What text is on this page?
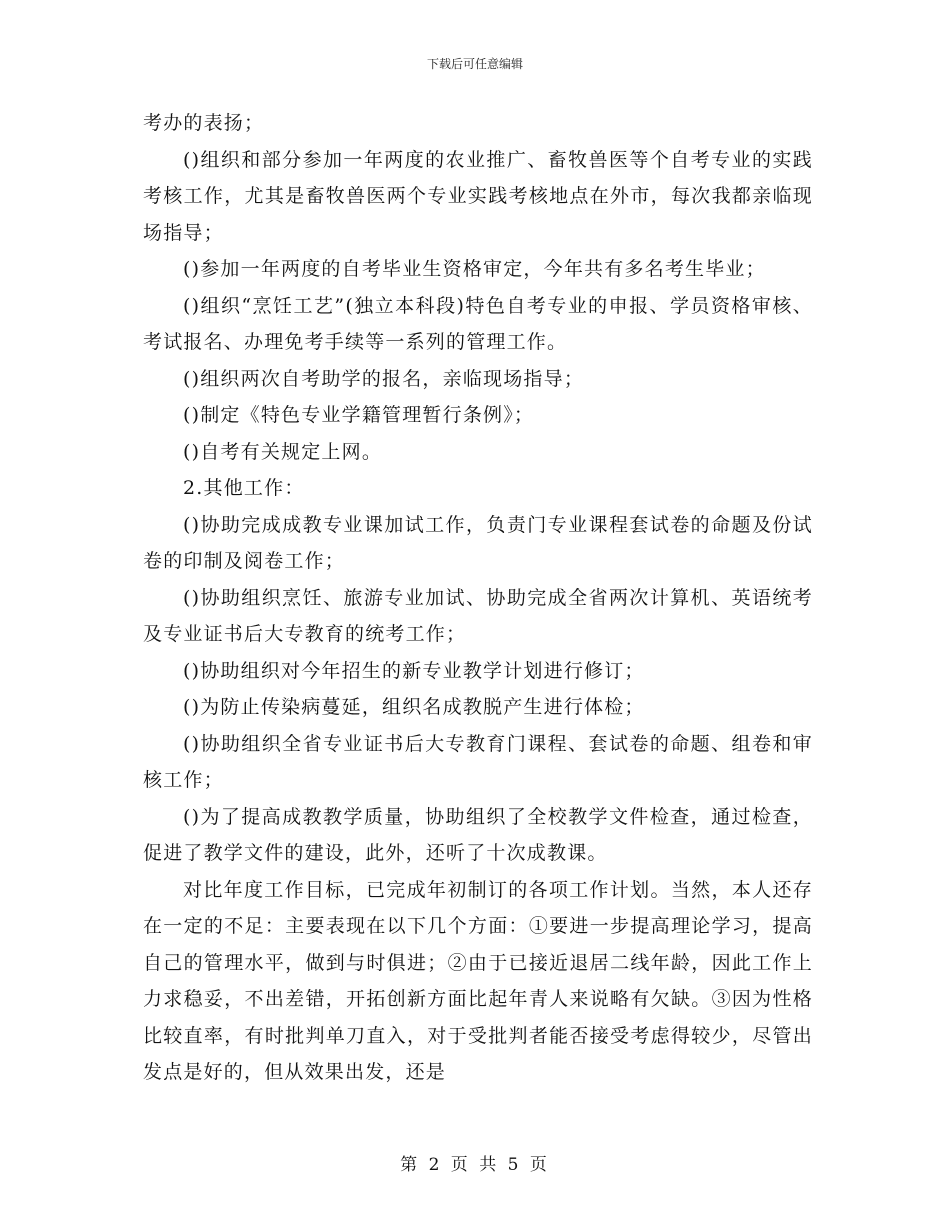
下载后可任意编辑

考办的表扬；

()组织和部分参加一年两度的农业推广、畜牧兽医等个自考专业的实践考核工作，尤其是畜牧兽医两个专业实践考核地点在外市，每次我都亲临现场指导；

()参加一年两度的自考毕业生资格审定，今年共有多名考生毕业；

()组织“烹饪工艺”(独立本科段)特色自考专业的申报、学员资格审核、考试报名、办理免考手续等一系列的管理工作。

()组织两次自考助学的报名，亲临现场指导；

()制定《特色专业学籍管理暂行条例》；

()自考有关规定上网。

2.其他工作：

()协助完成成教专业课加试工作，负责门专业课程套试卷的命题及份试卷的印制及阅卷工作；

()协助组织烹饪、旅游专业加试、协助完成全省两次计算机、英语统考及专业证书后大专教育的统考工作；

()协助组织对今年招生的新专业教学计划进行修订；

()为防止传染病蔓延，组织名成教脱产生进行体检；

()协助组织全省专业证书后大专教育门课程、套试卷的命题、组卷和审核工作；

()为了提高成教教学质量，协助组织了全校教学文件检查，通过检查，促进了教学文件的建设，此外，还听了十次成教课。

对比年度工作目标，已完成年初制订的各项工作计划。当然，本人还存在一定的不足：主要表现在以下几个方面：①要进一步提高理论学习，提高自己的管理水平，做到与时俱进；②由于已接近退居二线年龄，因此工作上力求稳妥，不出差错，开拓创新方面比起年青人来说略有欠缺。③因为性格比较直率，有时批判单刀直入，对于受批判者能否接受考虑得较少，尽管出发点是好的，但从效果出发，还是

第 2 页 共 5 页
